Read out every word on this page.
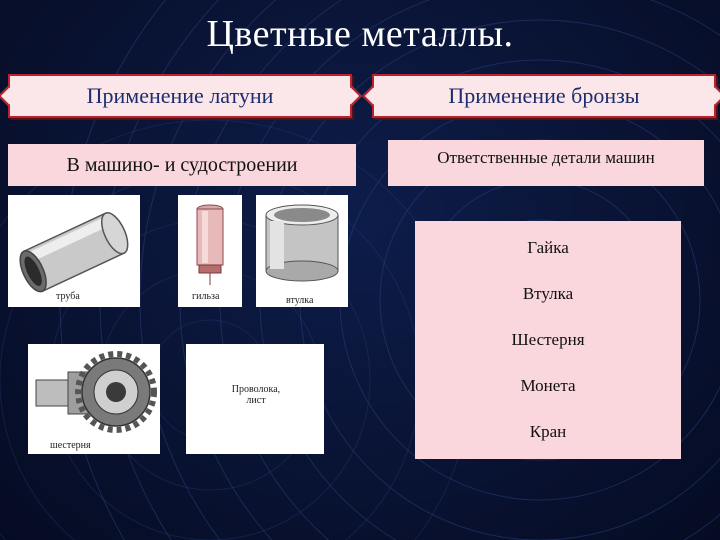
Цветные металлы.
Применение латуни	Применение бронзы
В машино- и судостроении	Ответственные детали машин
труба	гильза	втулка
шестерня
Проволока, лист
Гайка
Втулка
Шестерня
Монета
Кран
